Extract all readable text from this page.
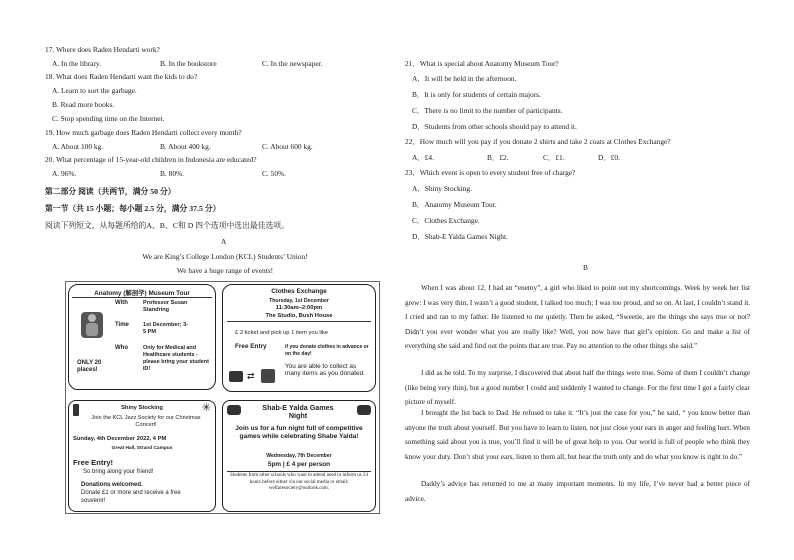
17. Where does Raden Hendarti work?
A. In the library.	B. In the bookstore	C. In the newspaper.
18. What does Raden Hendarti want the kids to do?
A. Learn to sort the garbage.
B. Read more books.
C. Stop spending time on the Internet.
19. How much garbage does Raden Hendarti collect every month?
A. About 100 kg.	B. About 400 kg.	C. About 600 kg.
20. What percentage of 15-year-old children in Indonesia are educated?
A. 96%.	B. 80%.	C. 50%.
第二部分 阅读（共两节，满分 50 分）
第一节（共 15 小题；每小题 2.5 分，满分 37.5 分）
阅读下列短文，从每题所给的A、B、C和 D 四个选项中选出最佳选项。
A
We are King’s College London (KCL) Students’ Union!
We have a huge range of events!
Anatomy (解剖学) Museum Tour
With	Professor Susan Standring
Time	1st December; 3-5 PM
Who	Only for Medical and Healthcare students - please bring your student ID!
ONLY 20 places!
Clothes Exchange
Thursday, 1st December
11:30am–2:00pm
The Studio, Bush House
£ 2 ticket and pick up 1 item you like
Free Entry	if you donate clothes in advance or on the day!
⇄
You are able to collect as many items as you donated.
Shiny Stocking	✳
Join the KCL Jazz Society for our Christmas Concert!
Sunday, 4th December 2022, 4 PM
Great Hall, Strand Campus
Free Entry!
So bring along your friend!
Donations welcomed.
Donate £1 or more and receive a free souvenir!
Shab-E Yalda Games Night
Join us for a fun night full of competitive games while celebrating Shabe Yalda!
Wednesday, 7th December
5pm | £ 4 per person
Students from other schools who want to attend need to inform us 24 hours before either via our social media or email: welfaresociety@outlook.com.
21．What is special about Anatomy Museum Tour?
A．It will be held in the afternoon.
B．It is only for students of certain majors.
C．There is no limit to the number of participants.
D．Students from other schools should pay to attend it.
22．How much will you pay if you donate 2 shirts and take 2 coats at Clothes Exchange?
A．£4.	B．£2.	C．£1.	D．£0.
23．Which event is open to every student free of charge?
A．Shiny Stocking.
B．Anatomy Museum Tour.
C．Clothes Exchange.
D．Shab-E Yalda Games Night.
B
When I was about 12, I had an “enemy”, a girl who liked to point out my shortcomings. Week by week her list grew: I was very thin, I wasn’t a good student, I talked too much; I was too proud, and so on. At last, I couldn’t stand it. I cried and ran to my father. He listened to me quietly. Then he asked, “Sweetie, are the things she says true or not? Didn’t you ever wonder what you are really like? Well, you now have that girl’s opinion. Go and make a list of everything she said and find out the points that are true. Pay no attention to the other things she said.”
I did as he told. To my surprise, I discovered that about half the things were true. Some of them I couldn’t change (like being very thin), but a good number I could and suddenly I wanted to change. For the first time I got a fairly clear picture of myself.
I brought the list back to Dad. He refused to take it. “It’s just the case for you,” he said, “ you know better than anyone the truth about yourself. But you have to learn to listen, not just close your ears in anger and feeling hurt. When something said about you is true, you’ll find it will be of great help to you. Our world is full of people who think they know your duty. Don’t shut your ears, listen to them all, but hear the truth only and do what you know is right to do.”
Daddy’s advice has returned to me at many important moments. In my life, I’ve never had a better piece of advice.
